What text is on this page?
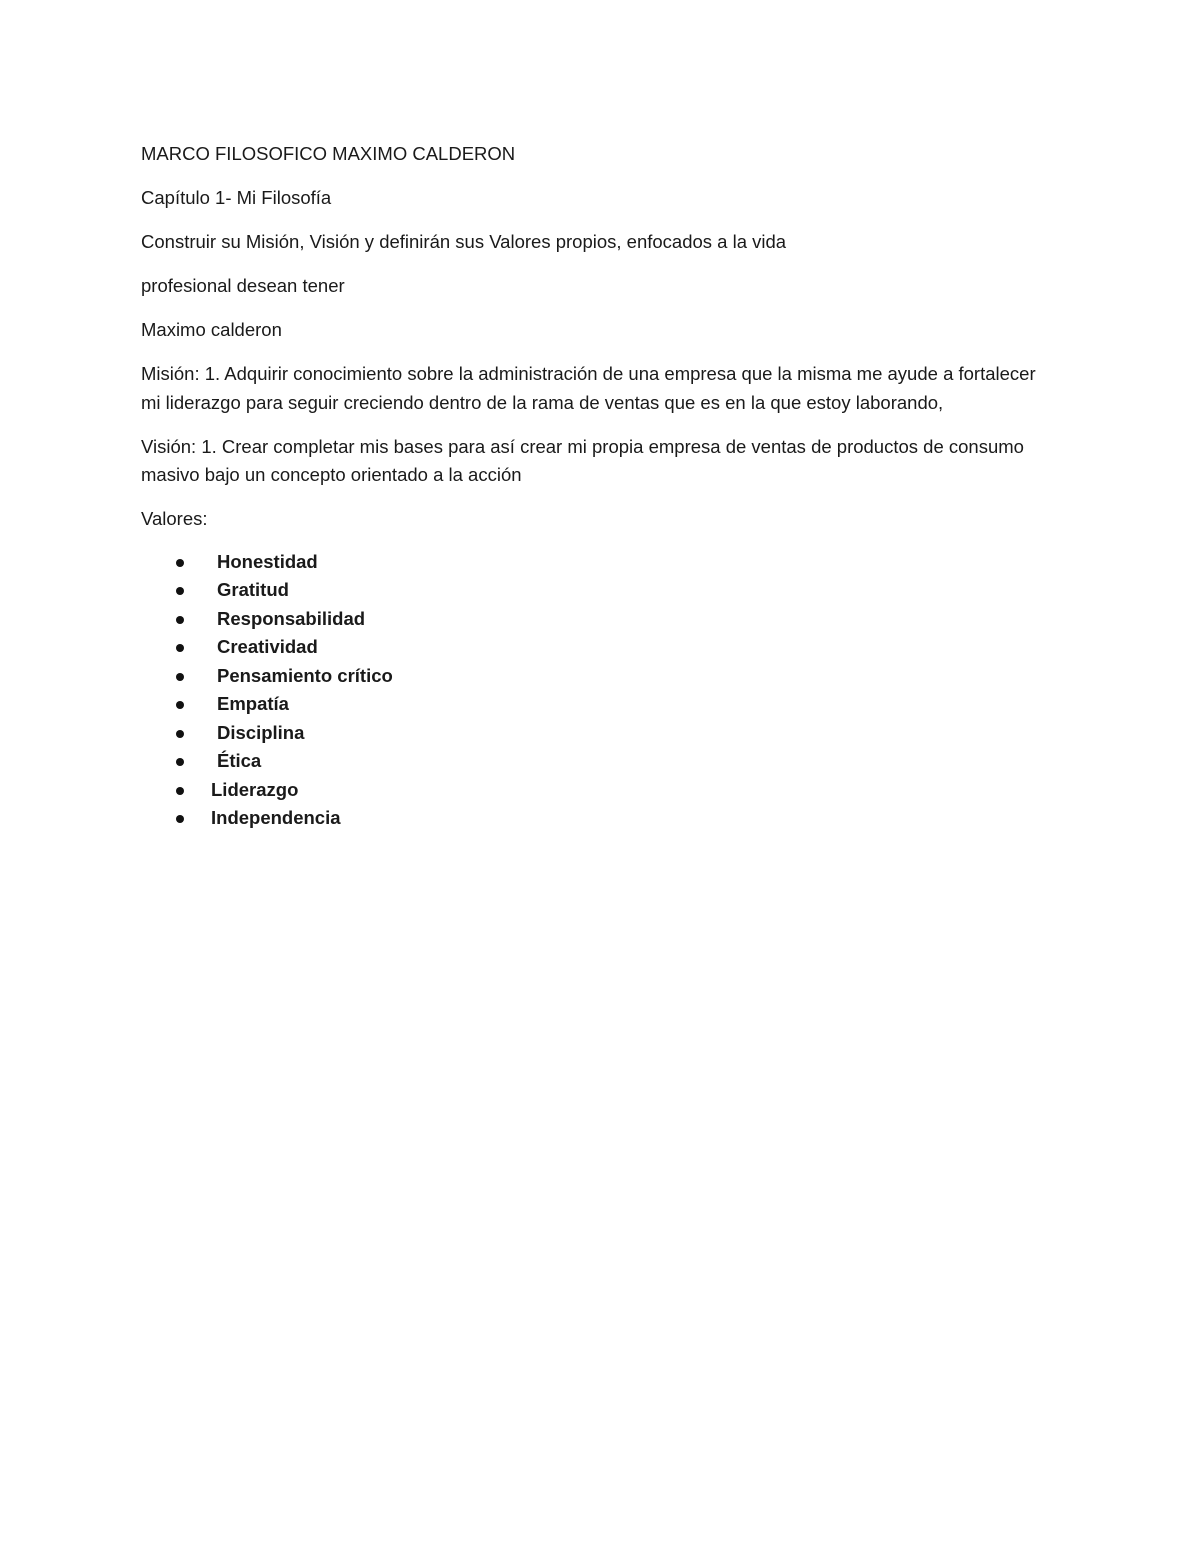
MARCO FILOSOFICO MAXIMO CALDERON

Capítulo 1- Mi Filosofía

Construir su Misión, Visión y definirán sus Valores propios, enfocados a la vida

profesional desean tener

Maximo calderon

Misión: 1. Adquirir conocimiento sobre la administración de una empresa que la misma me ayude a fortalecer mi liderazgo para seguir creciendo dentro de la rama de ventas que es en la que estoy laborando,

Visión: 1. Crear completar mis bases para así crear mi propia empresa de ventas de productos de consumo masivo bajo un concepto orientado a la acción

Valores:

Honestidad
Gratitud
Responsabilidad
Creatividad
Pensamiento crítico
Empatía
Disciplina
Ética
Liderazgo
Independencia
